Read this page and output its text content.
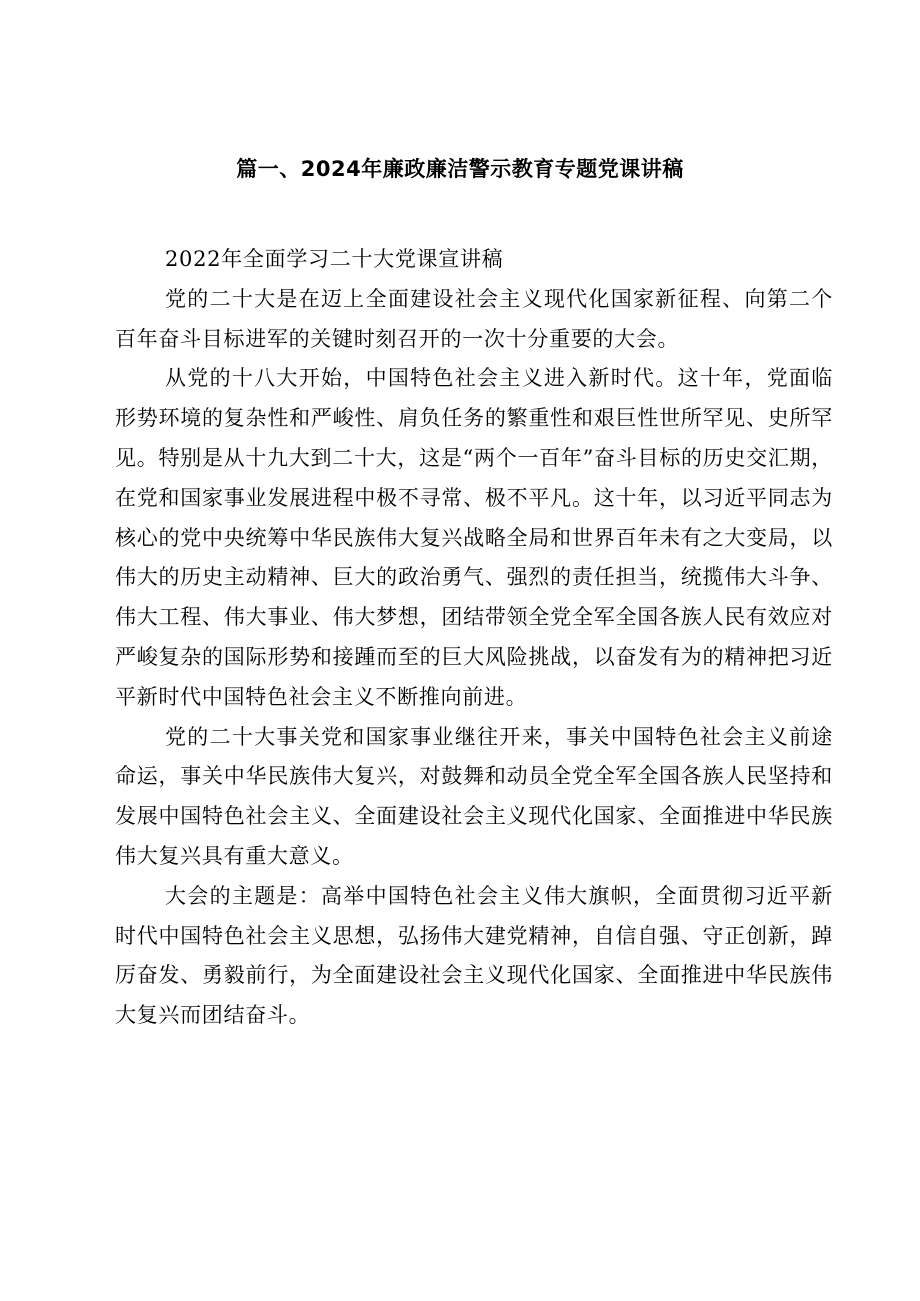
篇一、2024年廉政廉洁警示教育专题党课讲稿

2022年全面学习二十大党课宣讲稿

党的二十大是在迈上全面建设社会主义现代化国家新征程、向第二个百年奋斗目标进军的关键时刻召开的一次十分重要的大会。

从党的十八大开始，中国特色社会主义进入新时代。这十年，党面临形势环境的复杂性和严峻性、肩负任务的繁重性和艰巨性世所罕见、史所罕见。特别是从十九大到二十大，这是“两个一百年”奋斗目标的历史交汇期，在党和国家事业发展进程中极不寻常、极不平凡。这十年，以习近平同志为核心的党中央统筹中华民族伟大复兴战略全局和世界百年未有之大变局，以伟大的历史主动精神、巨大的政治勇气、强烈的责任担当，统揽伟大斗争、伟大工程、伟大事业、伟大梦想，团结带领全党全军全国各族人民有效应对严峻复杂的国际形势和接踵而至的巨大风险挑战，以奋发有为的精神把习近平新时代中国特色社会主义不断推向前进。

党的二十大事关党和国家事业继往开来，事关中国特色社会主义前途命运，事关中华民族伟大复兴，对鼓舞和动员全党全军全国各族人民坚持和发展中国特色社会主义、全面建设社会主义现代化国家、全面推进中华民族伟大复兴具有重大意义。

大会的主题是：高举中国特色社会主义伟大旗帜，全面贯彻习近平新时代中国特色社会主义思想，弘扬伟大建党精神，自信自强、守正创新，踔厉奋发、勇毅前行，为全面建设社会主义现代化国家、全面推进中华民族伟大复兴而团结奋斗。
